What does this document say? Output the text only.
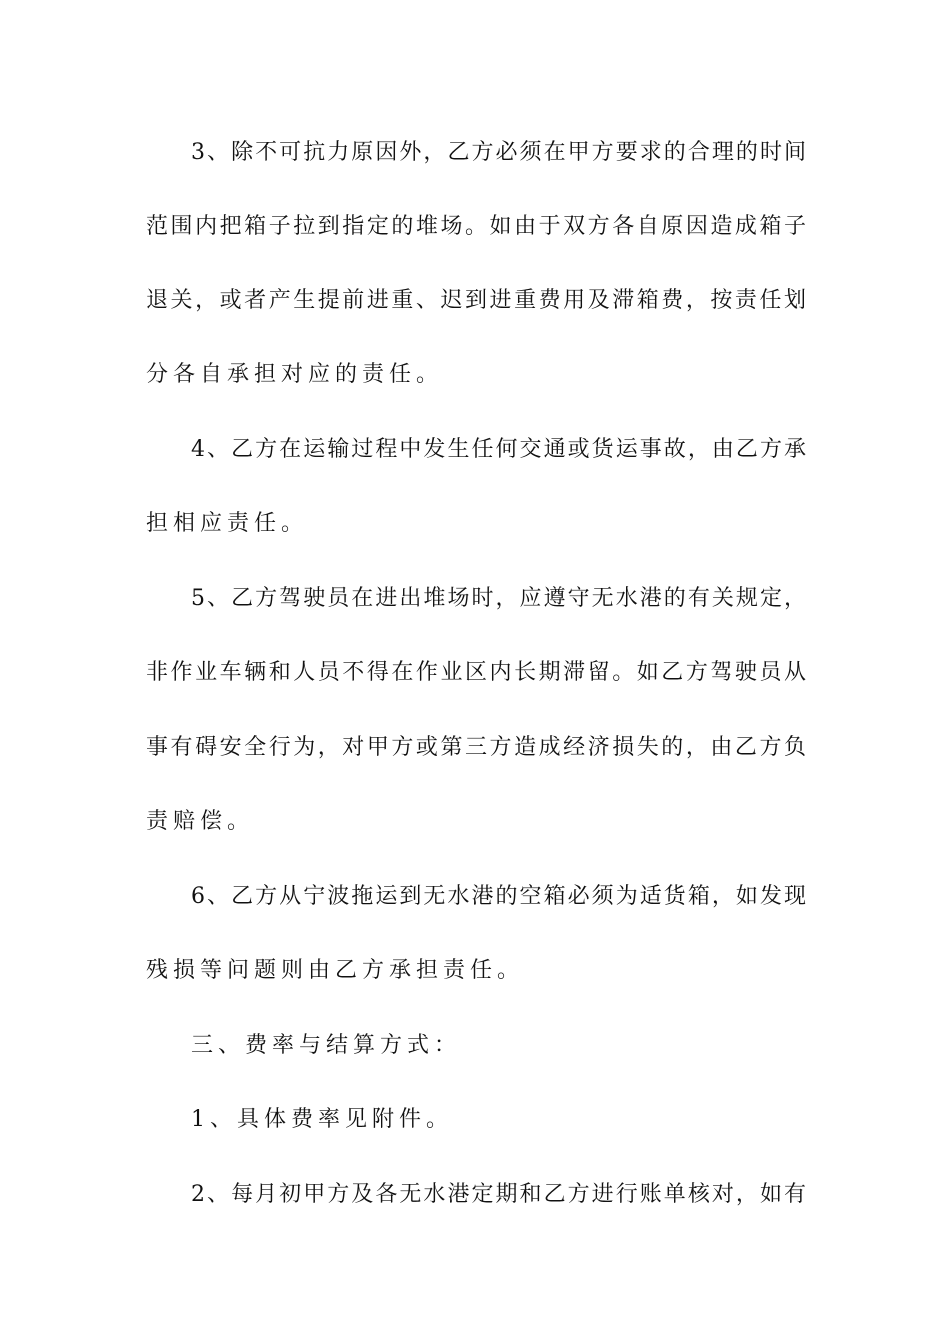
3、除不可抗力原因外，乙方必须在甲方要求的合理的时间

范围内把箱子拉到指定的堆场。如由于双方各自原因造成箱子

退关，或者产生提前进重、迟到进重费用及滞箱费，按责任划

分各自承担对应的责任。

4、乙方在运输过程中发生任何交通或货运事故，由乙方承

担相应责任。

5、乙方驾驶员在进出堆场时，应遵守无水港的有关规定，

非作业车辆和人员不得在作业区内长期滞留。如乙方驾驶员从

事有碍安全行为，对甲方或第三方造成经济损失的，由乙方负

责赔偿。

6、乙方从宁波拖运到无水港的空箱必须为适货箱，如发现

残损等问题则由乙方承担责任。

三、费率与结算方式：

1、具体费率见附件。

2、每月初甲方及各无水港定期和乙方进行账单核对，如有
